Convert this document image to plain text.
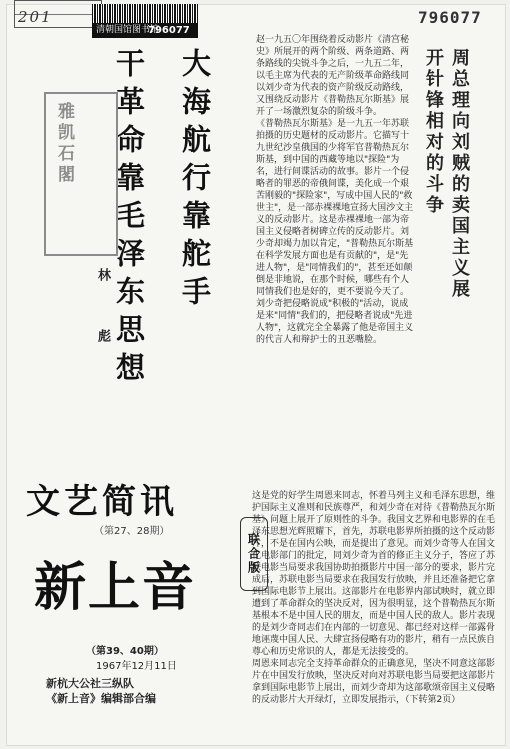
201
清朝国馆图书馆
796077
796077
大海航行靠舵手
干革命靠毛泽东思想
雅凯石閣
林彪
赵一九五〇年围绕着反动影片《清宫秘史》所展开的两个阶级、两条道路、两条路线的尖锐斗争之后，一九五二年，以毛主席为代表的无产阶级革命路线同以刘少奇为代表的资产阶级反动路线，又围绕反动影片《普勒热瓦尔斯基》展开了一场激烈复杂的阶级斗争。
《普勒热瓦尔斯基》是一九五一年苏联拍摄的历史题材的反动影片。它描写十九世纪沙皇俄国的少将军官普勒热瓦尔斯基，到中国的西藏等地以"探险"为名，进行间谍活动的故事。影片一个侵略者的罪恶的帝俄间谍，美化成一个艰苦刚毅的"探险家"，写成中国人民的"救世主"，是一部赤裸裸地宣扬大国沙文主义的反动影片。这是赤裸裸地一部为帝国主义侵略者树碑立传的反动影片。刘少奇却竭力加以肯定，"普勒热瓦尔斯基在科学发展方面也是有贡献的"，是"先进人物"，是"同情我们的"，甚至还如颠倒是非地说，在那个时候，哪些有个人同情我们也是好的，更不要说今天了。刘少奇把侵略说成"积极的"活动，说成是来"同情"我们的，把侵略者说成"先进人物"，这就完全全暴露了他是帝国主义的代言人和辩护士的丑恶嘴脸。
周总理向刘贼的卖国主义展开针锋相对的斗争
文艺简讯
（第27、28期）
联合版
新上音
（第39、40期）
1967年12月11日
新杭大公社三纵队
《新上音》编辑部合编
这是党的好学生周恩来同志，怀着马列主义和毛泽东思想，维护国际主义准则和民族尊严，和刘少奇在对待《普勒热瓦尔斯基》问题上展开了原则性的斗争。我国文艺界和电影界的在毛泽东思想光辉照耀下，首先，苏联电影界所拍摄的这个反动影片，不是在国内公映，而是提出了意见。而刘少奇等人在国文化电影部门的批定，同刘少奇为首的修正主义分子，答应了苏联电影当局要求我国协助拍摄影片中国一部分的要求，影片完成后，苏联电影当局要求在我国发行放映，并且还准备把它拿到国际电影节上展出。这部影片在电影界内部试映时，就立即遭到了革命群众的坚决反对，因为很明显，这个普勒热瓦尔斯基根本不是中国人民的朋友，而是中国人民的敌人。影片表现的是刘少奇同志们在内部的一切意见、都已经对这样一部露骨地诬蔑中国人民、大肆宣扬侵略有功的影片，稍有一点民族自尊心和历史常识的人，都是无法接受的。
周恩来同志完全支持革命群众的正确意见，坚决不同意这部影片在中国发行放映，坚决反对向对苏联电影当局要把这部影片拿到国际电影节上展出，而刘少奇却为这部歌颂帝国主义侵略的反动影片大开绿灯，立即发展指示，（下转第2页）
